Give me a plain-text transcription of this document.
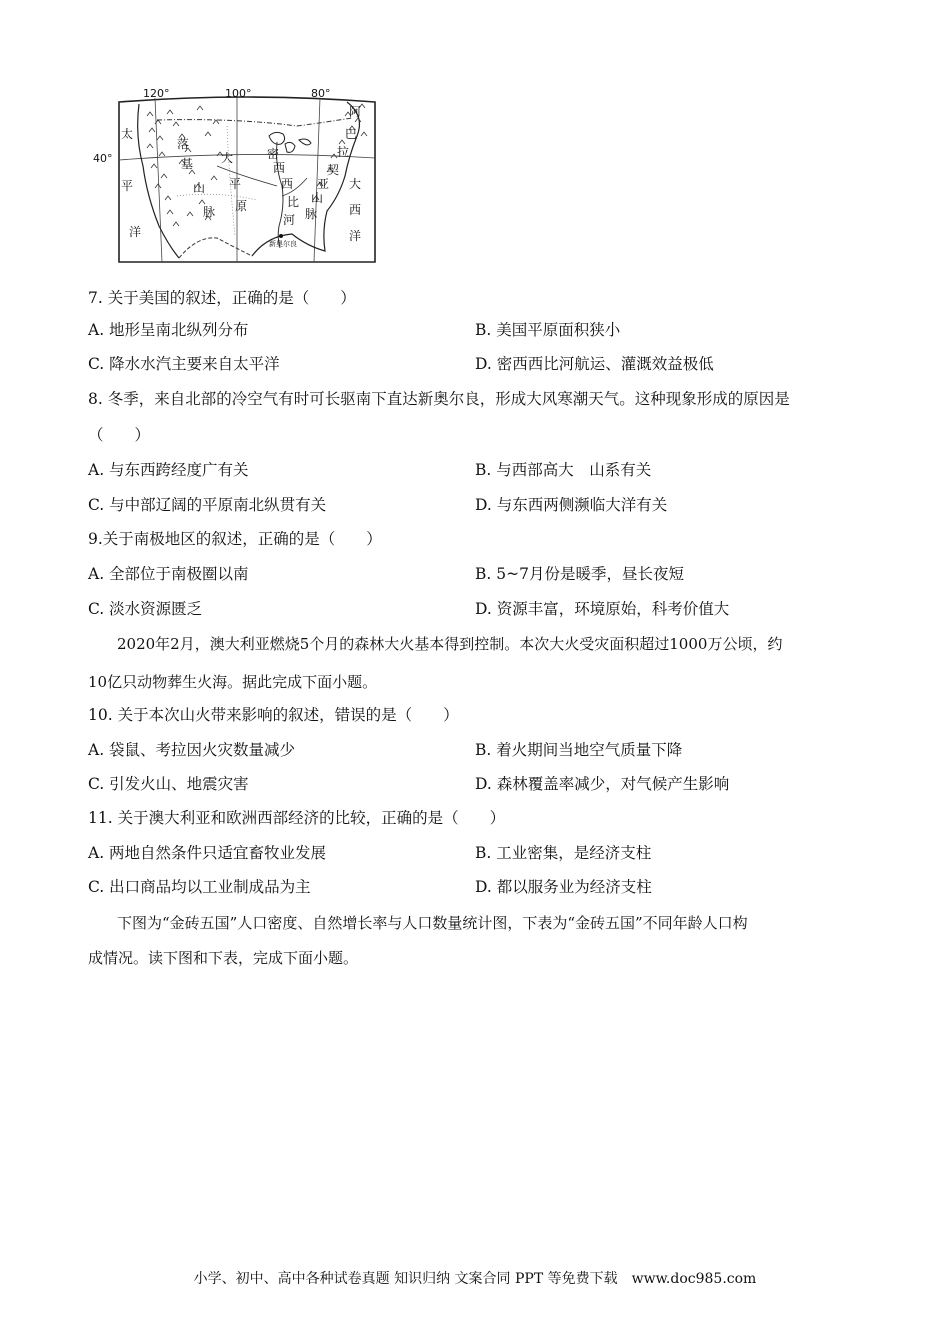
120°	100°	80°
40°
太
平
洋
落
基
山
脉
大
平
原
密
西
西
比
河
阿
巴
拉
契
亚
山
脉
大
西
洋
新奥尔良
7. 关于美国的叙述，正确的是（　　）
A. 地形呈南北纵列分布	B. 美国平原面积狭小
C. 降水水汽主要来自太平洋	D. 密西西比河航运、灌溉效益极低
8. 冬季，来自北部的冷空气有时可长驱南下直达新奥尔良，形成大风寒潮天气。这种现象形成的原因是
（　　）
A. 与东西跨经度广有关	B. 与西部高大　山系有关
C. 与中部辽阔的平原南北纵贯有关	D. 与东西两侧濒临大洋有关
9.关于南极地区的叙述，正确的是（　　）
A. 全部位于南极圈以南	B. 5~7月份是暖季，昼长夜短
C. 淡水资源匮乏	D. 资源丰富，环境原始，科考价值大
2020年2月，澳大利亚燃烧5个月的森林大火基本得到控制。本次大火受灾面积超过1000万公顷，约
10亿只动物葬生火海。据此完成下面小题。
10. 关于本次山火带来影响的叙述，错误的是（　　）
A. 袋鼠、考拉因火灾数量减少	B. 着火期间当地空气质量下降
C. 引发火山、地震灾害	D. 森林覆盖率减少，对气候产生影响
11. 关于澳大利亚和欧洲西部经济的比较，正确的是（　　）
A. 两地自然条件只适宜畜牧业发展	B. 工业密集，是经济支柱
C. 出口商品均以工业制成品为主	D. 都以服务业为经济支柱
下图为“金砖五国”人口密度、自然增长率与人口数量统计图，下表为“金砖五国”不同年龄人口构
成情况。读下图和下表，完成下面小题。
小学、初中、高中各种试卷真题 知识归纳 文案合同 PPT 等免费下载　www.doc985.com
